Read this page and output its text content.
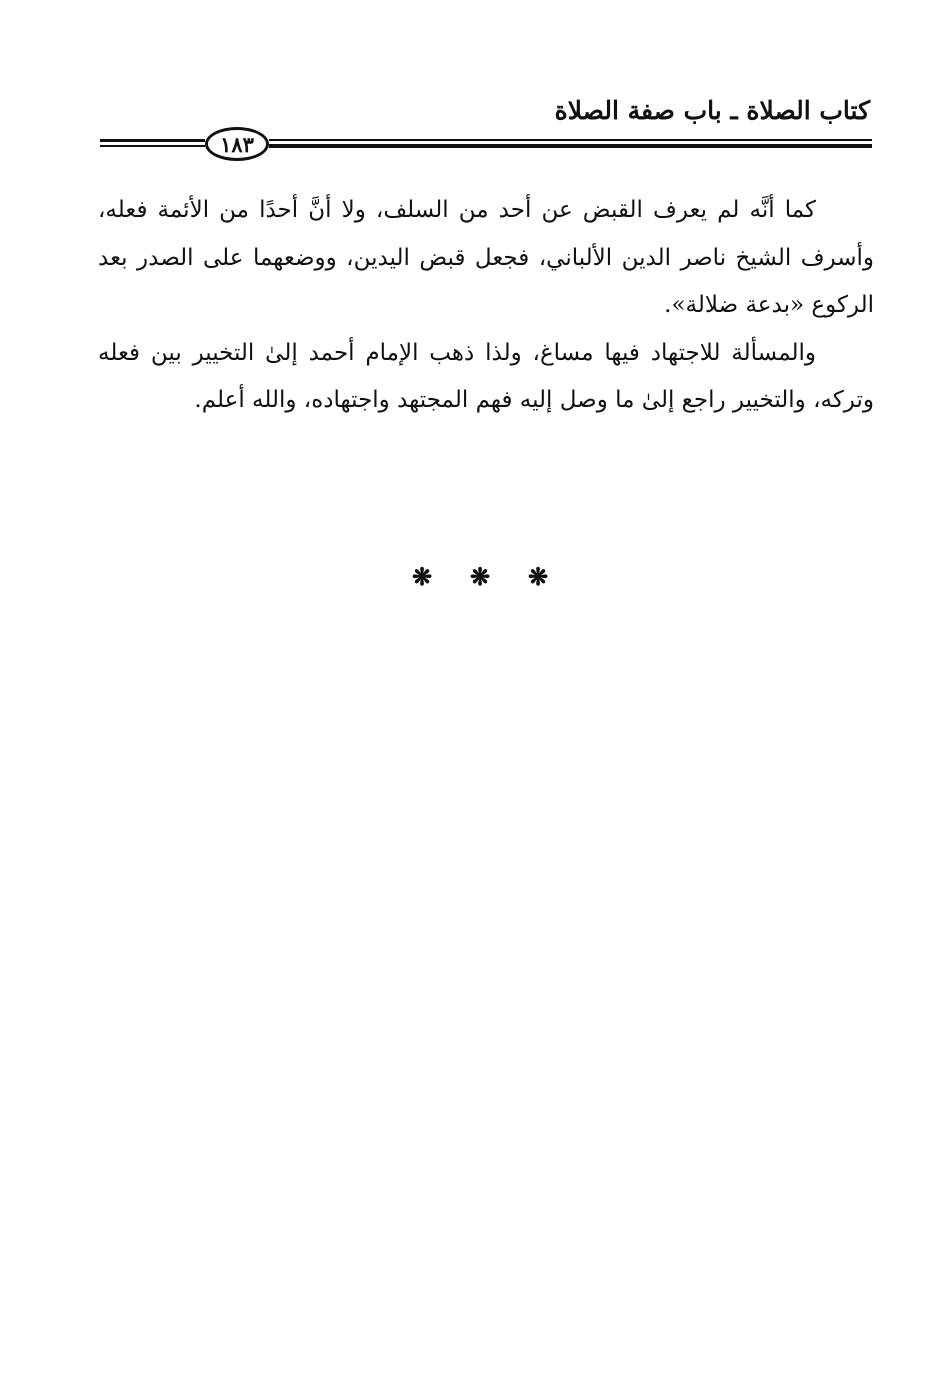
كتاب الصلاة ـ باب صفة الصلاة
١٨٣

كما أنَّه لم يعرف القبض عن أحد من السلف، ولا أنَّ أحدًا من الأئمة فعله، وأسرف الشيخ ناصر الدين الألباني، فجعل قبض اليدين، ووضعهما على الصدر بعد الركوع «بدعة ضلالة».

والمسألة للاجتهاد فيها مساغ، ولذا ذهب الإمام أحمد إلىٰ التخيير بين فعله وتركه، والتخيير راجع إلىٰ ما وصل إليه فهم المجتهد واجتهاده، والله أعلم.

❋ ❋ ❋
